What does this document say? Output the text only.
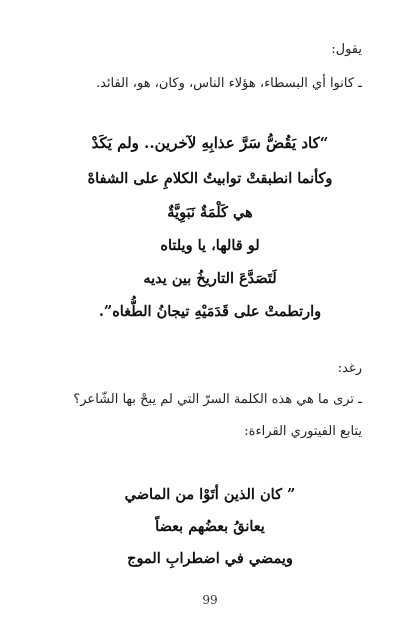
يقول:
ـ كانوا أي البسطاء، هؤلاء الناس، وكان، هو، القائد.
“كاد يَقُضُّ سَرَّ عذابِهِ لآخرين.. ولم يَكَدْ
وكأنما انطبقتْ توابيتُ الكلامِ على الشفاهْ
هي كَلْمَةٌ نَبَوِيَّةٌ
لو قالها، يا ويلتاه
لَتَصَدَّعَ التاريخُ بين يديه
وارتطمتْ على قَدَمَيْهِ تيجانُ الطُّغاه”.
رغد:
ـ ترى ما هي هذه الكلمة السرّ التي لم يبحْ بها الشّاعر؟
يتابع الفيتوري القراءة:
” كان الذين أتَوْا من الماضي
يعانقُ بعضُهم بعضاً
ويمضي في اضطرابِ الموج
99
